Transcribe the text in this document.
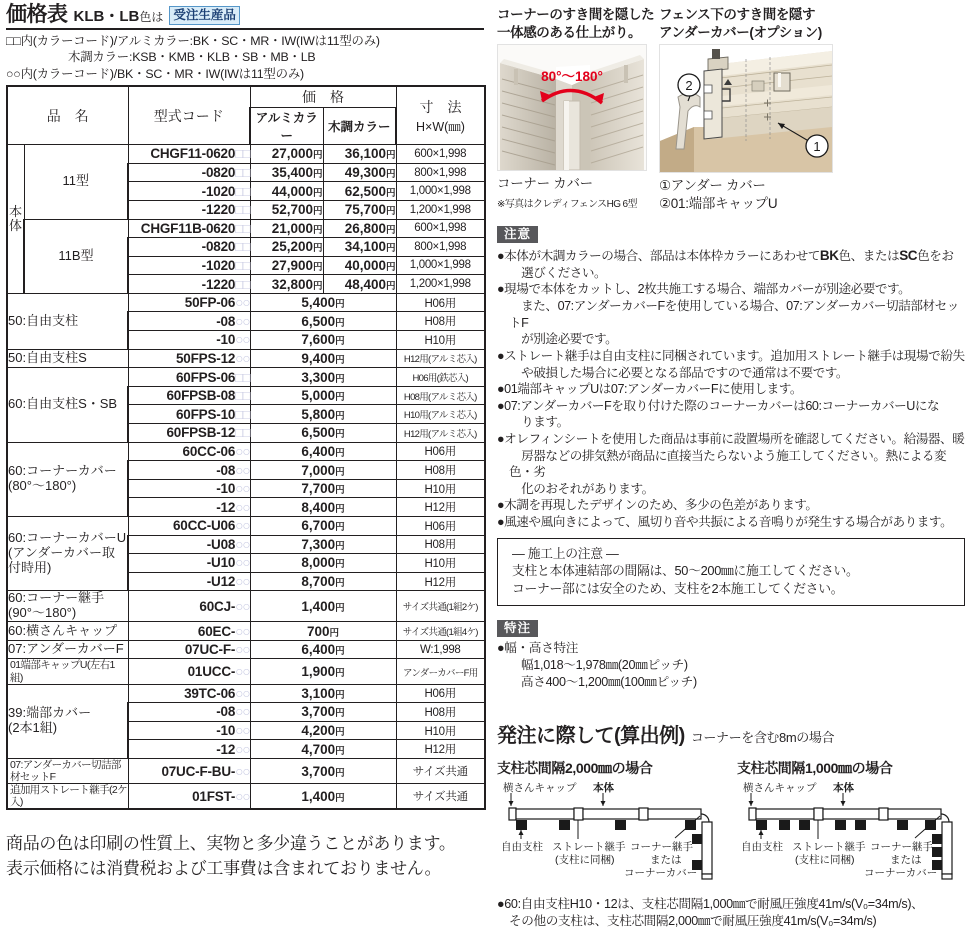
価格表 KLB・LB色は 受注生産品
□□内(カラーコード)/アルミカラー:BK・SC・MR・IW(IWは11型のみ)
木調カラー:KSB・KMB・KLB・SB・MB・LB
○○内(カラーコード)/BK・SC・MR・IW(IWは11型のみ)
品　名		型式コード	価　格		寸　法
H×W(㎜)

			アルミカラー	木調カラー	
本
体	11型	CHGF11-0620□□	27,000円	36,100円	600×1,998
		-0820□□	35,400円	49,300円	800×1,998
		-1020□□	44,000円	62,500円	1,000×1,998
		-1220□□	52,700円	75,700円	1,200×1,998
	11B型	CHGF11B-0620□□	21,000円	26,800円	600×1,998
		-0820□□	25,200円	34,100円	800×1,998
		-1020□□	27,900円	40,000円	1,000×1,998
		-1220□□	32,800円	48,400円	1,200×1,998
50:自由支柱		50FP-06○○	5,400円		H06用
		-08○○	6,500円		H08用
		-10○○	7,600円		H10用
50:自由支柱S		50FPS-12○○	9,400円		H12用(アルミ芯入)
60:自由支柱S・SB		60FPS-06□□	3,300円		H06用(鉄芯入)
		60FPSB-08□□	5,000円		H08用(アルミ芯入)
		60FPS-10□□	5,800円		H10用(アルミ芯入)
		60FPSB-12□□	6,500円		H12用(アルミ芯入)
60:コーナーカバー
(80°〜180°)		60CC-06○○	6,400円		H06用
		-08○○	7,000円		H08用
		-10○○	7,700円		H10用
		-12○○	8,400円		H12用
60:コーナーカバーU
(アンダーカバー取付時用)		60CC-U06○○	6,700円		H06用
		-U08○○	7,300円		H08用
		-U10○○	8,000円		H10用
		-U12○○	8,700円		H12用
60:コーナー継手
(90°〜180°)		60CJ-○○	1,400円		サイズ共通(1組2ケ)
60:横さんキャップ		60EC-○○	700円		サイズ共通(1組4ケ)
07:アンダーカバーF		07UC-F-○○	6,400円		W:1,998
01端部キャップU(左右1組)		01UCC-○○	1,900円		アンダーカバーF用
39:端部カバー
(2本1組)		39TC-06○○	3,100円		H06用
		-08○○	3,700円		H08用
		-10○○	4,200円		H10用
		-12○○	4,700円		H12用
07:アンダーカバー切詰部材セットF		07UC-F-BU-○○	3,700円		サイズ共通
追加用ストレート継手(2ケ入)		01FST-○○	1,400円		サイズ共通
商品の色は印刷の性質上、実物と多少違うことがあります。
表示価格には消費税および工事費は含まれておりません。
コーナーのすき間を隠した
一体感のある仕上がり。
80°〜180°
コーナー カバー
※写真はクレディフェンスHG 6型
フェンス下のすき間を隠す
アンダーカバー(オプション)
1
2
①アンダー カバー
②01:端部キャップU
注意
●本体が木調カラーの場合、部品は本体枠カラーにあわせてBK色、またはSC色をお
　選びください。
●現場で本体をカットし、2枚共施工する場合、端部カバーが別途必要です。
　また、07:アンダーカバーFを使用している場合、07:アンダーカバー切詰部材セットF
　が別途必要です。
●ストレート継手は自由支柱に同梱されています。追加用ストレート継手は現場で紛失
　や破損した場合に必要となる部品ですので通常は不要です。
●01端部キャップUは07:アンダーカバーFに使用します。
●07:アンダーカバーFを取り付けた際のコーナーカバーは60:コーナーカバーUにな
　ります。
●オレフィンシートを使用した商品は事前に設置場所を確認してください。給湯器、暖
　房器などの排気熱が商品に直接当たらないよう施工してください。熱による変色・劣
　化のおそれがあります。
●木調を再現したデザインのため、多少の色差があります。
●風速や風向きによって、風切り音や共振による音鳴りが発生する場合があります。
― 施工上の注意 ―
支柱と本体連結部の間隔は、50〜200㎜に施工してください。
コーナー部には安全のため、支柱を2本施工してください。
特注
●幅・高さ特注
幅1,018〜1,978㎜(20㎜ピッチ)
高さ400〜1,200㎜(100㎜ピッチ)
発注に際して(算出例) コーナーを含む8mの場合
支柱芯間隔2,000㎜の場合
横さんキャップ 本体
自由支柱 ストレート継手
(支柱に同梱)
コーナー継手
または
コーナーカバー
支柱芯間隔1,000㎜の場合
横さんキャップ 本体
自由支柱 ストレート継手
(支柱に同梱)
コーナー継手
または
コーナーカバー
●60:自由支柱H10・12は、支柱芯間隔1,000㎜で耐風圧強度41m/s(V₀=34m/s)、
その他の支柱は、支柱芯間隔2,000㎜で耐風圧強度41m/s(V₀=34m/s)
